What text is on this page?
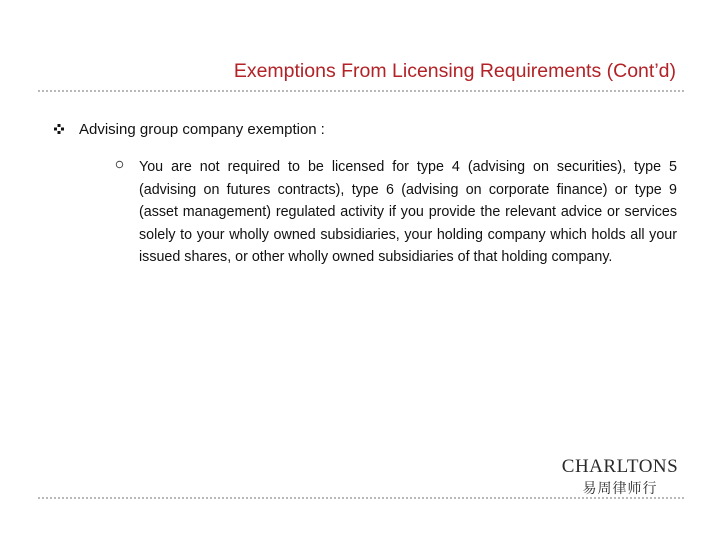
Exemptions From Licensing Requirements (Cont’d)
Advising group company exemption :

You are not required to be licensed for type 4 (advising on securities), type 5 (advising on futures contracts), type 6 (advising on corporate finance) or type 9 (asset management) regulated activity if you provide the relevant advice or services solely to your wholly owned subsidiaries, your holding company which holds all your issued shares, or other wholly owned subsidiaries of that holding company.

CHARLTONS
易周律师行
